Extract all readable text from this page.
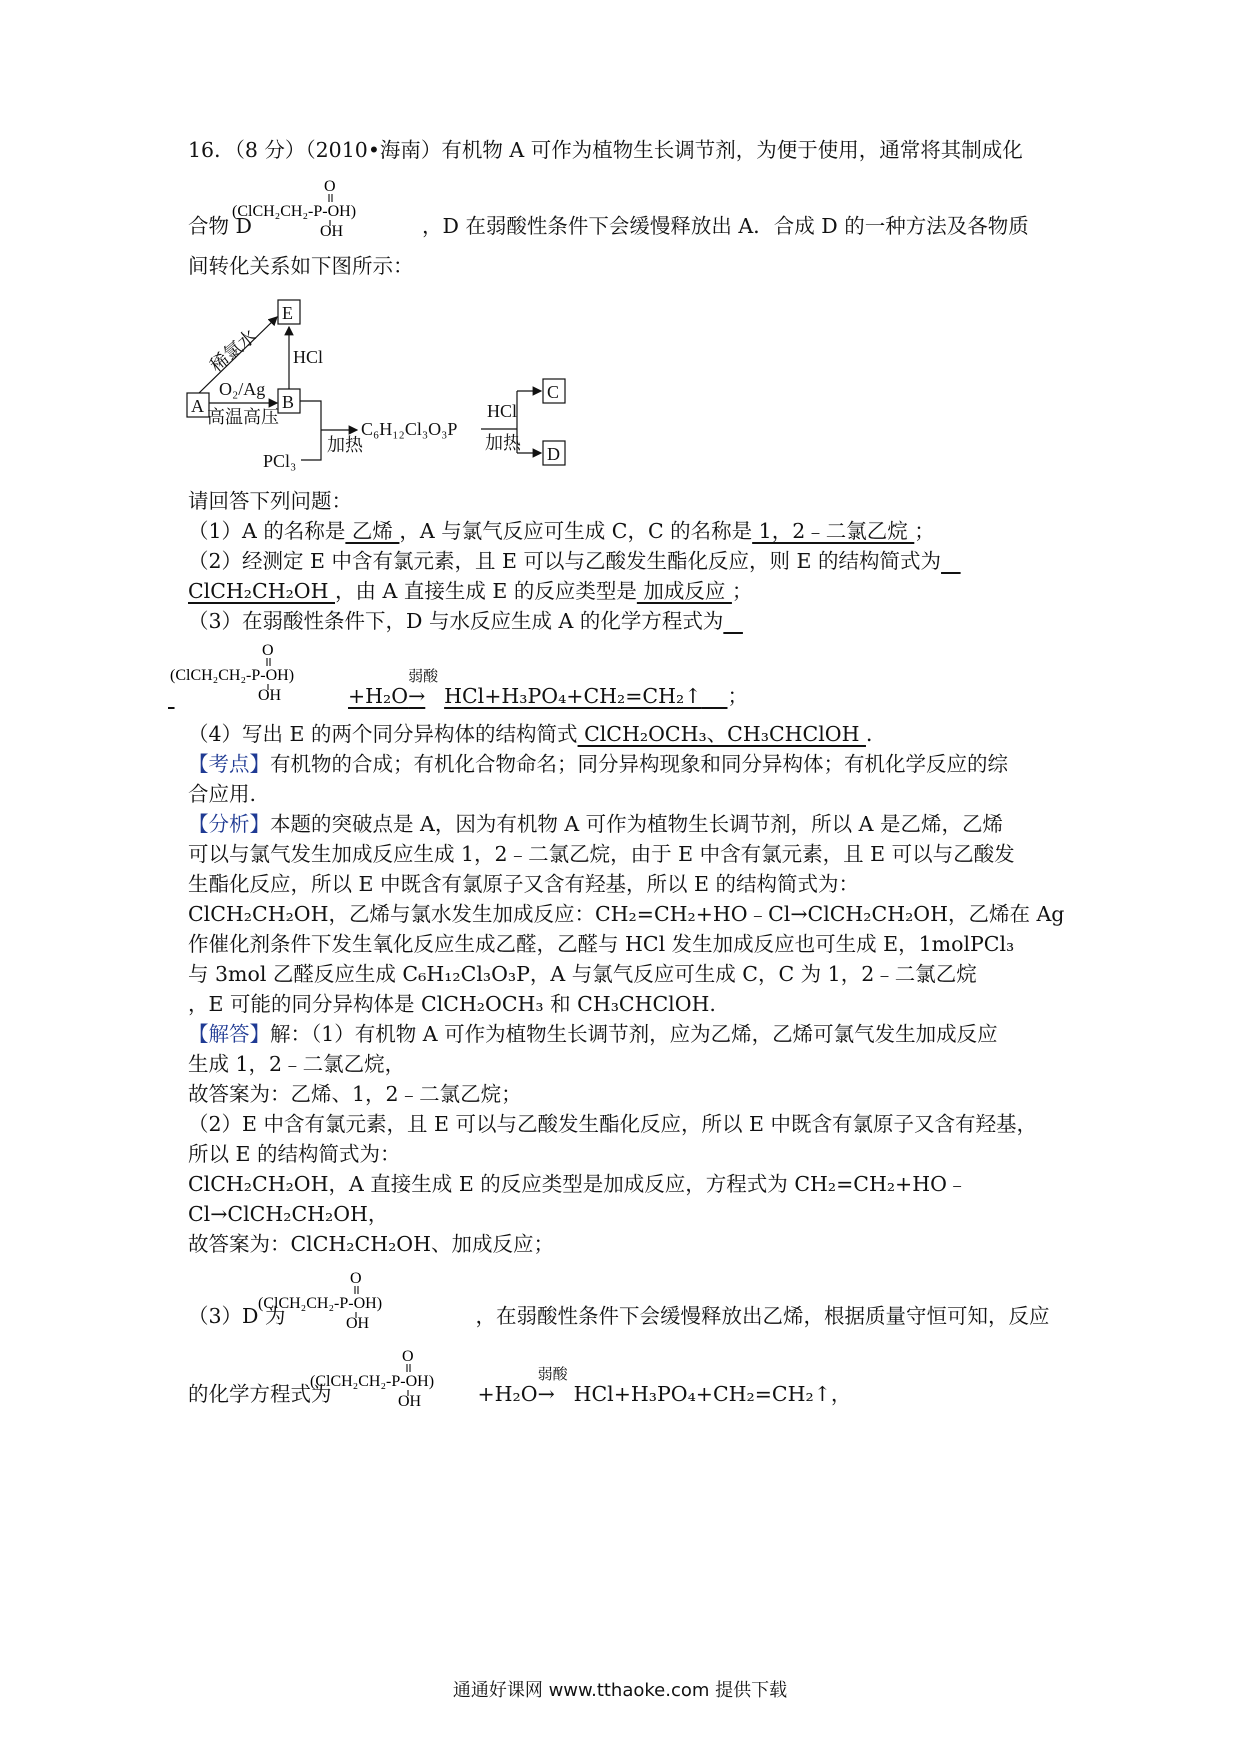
16．（8 分）（2010•海南）有机物 A 可作为植物生长调节剂，为便于使用，通常将其制成化
O
(ClCH₂CH₂-P-OH)
OH
合物 D	，D 在弱酸性条件下会缓慢释放出 A．合成 D 的一种方法及各物质
间转化关系如下图所示：
A
E
B
稀氯水 HCl
O₂/Ag
高温高压
PCl₃
加热
C₆H₁₂Cl₃O₃P
HCl
加热
C
D
请回答下列问题：
（1）A 的名称是 乙烯 ，A 与氯气反应可生成 C，C 的名称是 1，2﹣二氯乙烷 ；
（2）经测定 E 中含有氯元素，且 E 可以与乙酸发生酯化反应，则 E 的结构简式为
ClCH₂CH₂OH ，由 A 直接生成 E 的反应类型是 加成反应 ；
（3）在弱酸性条件下，D 与水反应生成 A 的化学方程式为
O
(ClCH₂CH₂-P-OH)
OH	+H₂O
弱酸
→ HCl+H₃PO₄+CH₂=CH₂↑ ；
（4）写出 E 的两个同分异构体的结构简式 ClCH₂OCH₃、CH₃CHClOH ．
【考点】有机物的合成；有机化合物命名；同分异构现象和同分异构体；有机化学反应的综
合应用.
【分析】本题的突破点是 A，因为有机物 A 可作为植物生长调节剂，所以 A 是乙烯，乙烯
可以与氯气发生加成反应生成 1，2﹣二氯乙烷，由于 E 中含有氯元素，且 E 可以与乙酸发
生酯化反应，所以 E 中既含有氯原子又含有羟基，所以 E 的结构简式为：
ClCH₂CH₂OH，乙烯与氯水发生加成反应：CH₂=CH₂+HO﹣Cl→ClCH₂CH₂OH，乙烯在 Ag
作催化剂条件下发生氧化反应生成乙醛，乙醛与 HCl 发生加成反应也可生成 E，1molPCl₃
与 3mol 乙醛反应生成 C₆H₁₂Cl₃O₃P，A 与氯气反应可生成 C，C 为 1，2﹣二氯乙烷
，E 可能的同分异构体是 ClCH₂OCH₃ 和 CH₃CHClOH.
【解答】解：（1）有机物 A 可作为植物生长调节剂，应为乙烯，乙烯可氯气发生加成反应
生成 1，2﹣二氯乙烷，
故答案为：乙烯、1，2﹣二氯乙烷；
（2）E 中含有氯元素，且 E 可以与乙酸发生酯化反应，所以 E 中既含有氯原子又含有羟基，
所以 E 的结构简式为：
ClCH₂CH₂OH，A 直接生成 E 的反应类型是加成反应，方程式为 CH₂=CH₂+HO﹣
Cl→ClCH₂CH₂OH，
故答案为：ClCH₂CH₂OH、加成反应；
O
(ClCH₂CH₂-P-OH)
OH
（3）D 为	，在弱酸性条件下会缓慢释放出乙烯，根据质量守恒可知，反应
O
(ClCH₂CH₂-P-OH)
OH
的化学方程式为	+H₂O
弱酸
→ HCl+H₃PO₄+CH₂=CH₂↑，
通通好课网 www.tthaoke.com 提供下载
